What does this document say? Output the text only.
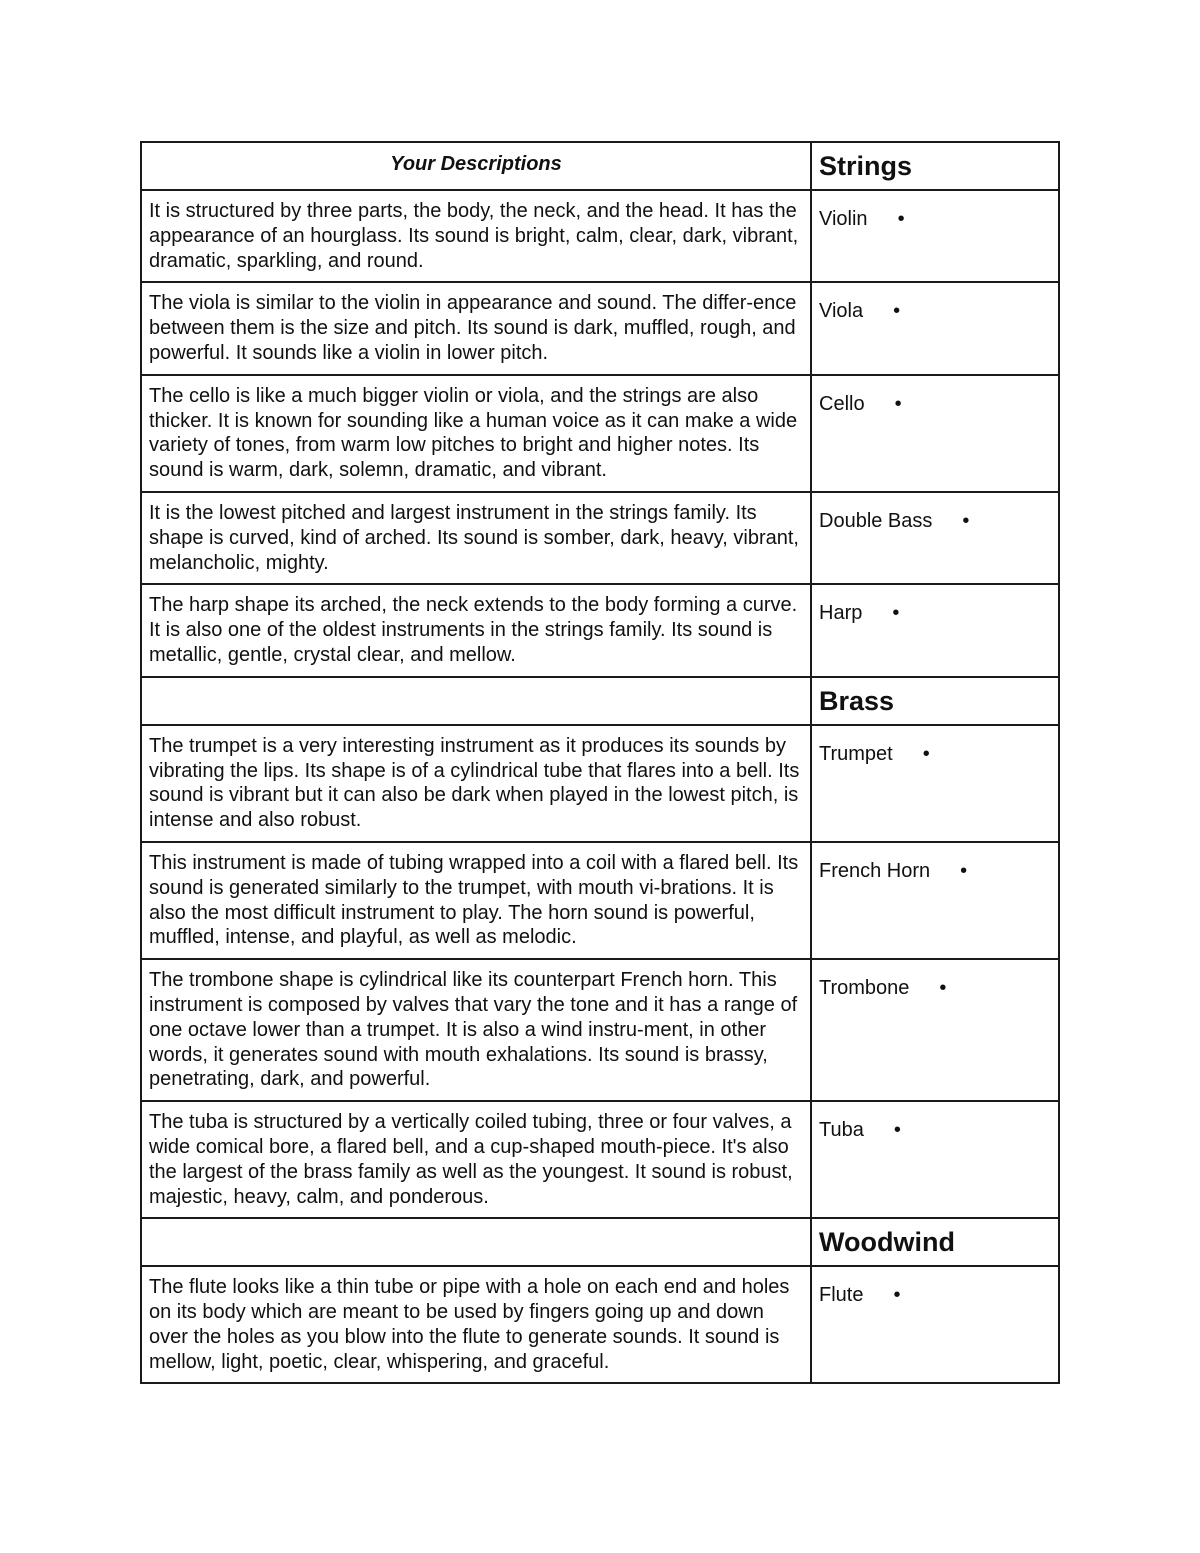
Your Descriptions	Strings
It is structured by three parts, the body, the neck, and the head. It has the appearance of an hourglass. Its sound is bright, calm, clear, dark, vibrant, dramatic, sparkling, and round.	Violin •
The viola is similar to the violin in appearance and sound. The differ-ence between them is the size and pitch. Its sound is dark, muffled, rough, and powerful. It sounds like a violin in lower pitch.	Viola •
The cello is like a much bigger violin or viola, and the strings are also thicker. It is known for sounding like a human voice as it can make a wide variety of tones, from warm low pitches to bright and higher notes. Its sound is warm, dark, solemn, dramatic, and vibrant.	Cello •
It is the lowest pitched and largest instrument in the strings family. Its shape is curved, kind of arched. Its sound is somber, dark, heavy, vibrant, melancholic, mighty.	Double Bass •
The harp shape its arched, the neck extends to the body forming a curve. It is also one of the oldest instruments in the strings family. Its sound is metallic, gentle, crystal clear, and mellow.	Harp •
	Brass
The trumpet is a very interesting instrument as it produces its sounds by vibrating the lips. Its shape is of a cylindrical tube that flares into a bell. Its sound is vibrant but it can also be dark when played in the lowest pitch, is intense and also robust.	Trumpet •
This instrument is made of tubing wrapped into a coil with a flared bell. Its sound is generated similarly to the trumpet, with mouth vi-brations. It is also the most difficult instrument to play. The horn sound is powerful, muffled, intense, and playful, as well as melodic.	French Horn •
The trombone shape is cylindrical like its counterpart French horn. This instrument is composed by valves that vary the tone and it has a range of one octave lower than a trumpet. It is also a wind instru-ment, in other words, it generates sound with mouth exhalations. Its sound is brassy, penetrating, dark, and powerful.	Trombone •
The tuba is structured by a vertically coiled tubing, three or four valves, a wide comical bore, a flared bell, and a cup-shaped mouth-piece. It's also the largest of the brass family as well as the youngest. It sound is robust, majestic, heavy, calm, and ponderous.	Tuba •
	Woodwind
The flute looks like a thin tube or pipe with a hole on each end and holes on its body which are meant to be used by fingers going up and down over the holes as you blow into the flute to generate sounds. It sound is mellow, light, poetic, clear, whispering, and graceful.	Flute •
